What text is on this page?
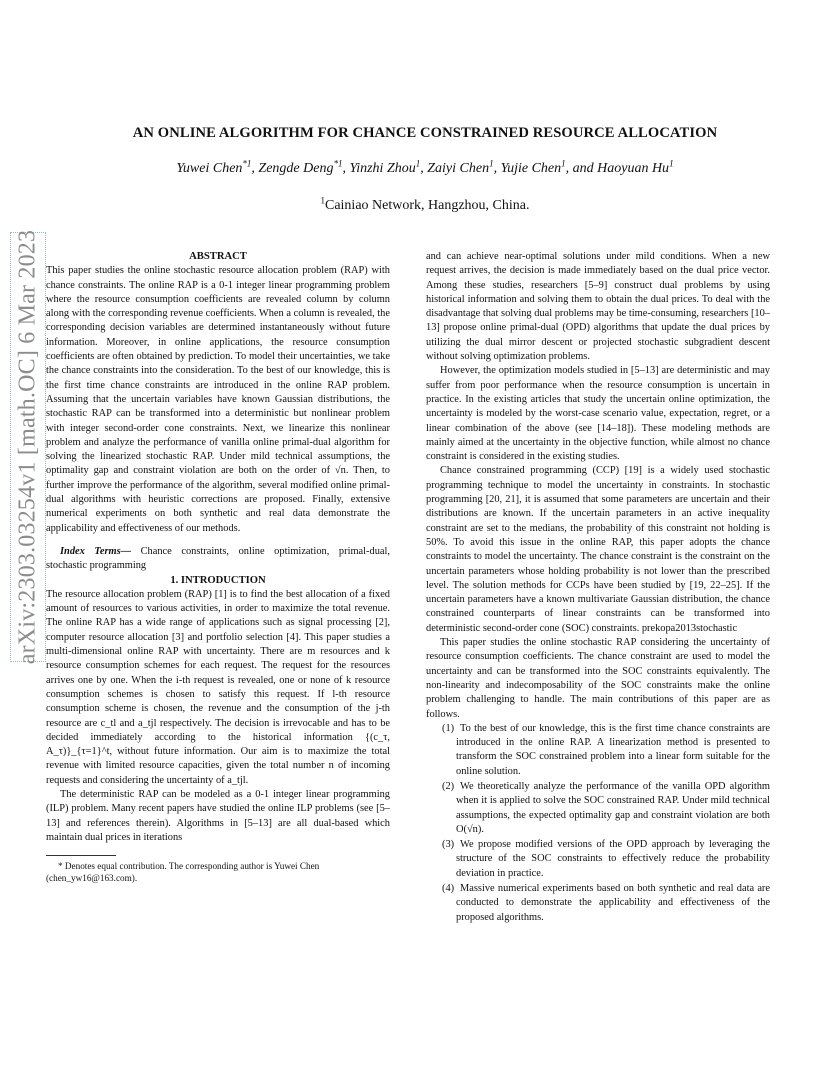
arXiv:2303.03254v1 [math.OC] 6 Mar 2023
AN ONLINE ALGORITHM FOR CHANCE CONSTRAINED RESOURCE ALLOCATION
Yuwei Chen$^{*1}$, Zengde Deng$^{*1}$, Yinzhi Zhou$^1$, Zaiyi Chen$^1$, Yujie Chen$^1$, and Haoyuan Hu$^1$
$^1$Cainiao Network, Hangzhou, China.

ABSTRACT

This paper studies the online stochastic resource allocation problem (RAP) with chance constraints. The online RAP is a 0-1 integer linear programming problem where the resource consumption coefficients are revealed column by column along with the corresponding revenue coefficients. When a column is revealed, the corresponding decision variables are determined instantaneously without future information. Moreover, in online applications, the resource consumption coefficients are often obtained by prediction. To model their uncertainties, we take the chance constraints into the consideration. To the best of our knowledge, this is the first time chance constraints are introduced in the online RAP problem. Assuming that the uncertain variables have known Gaussian distributions, the stochastic RAP can be transformed into a deterministic but nonlinear problem with integer second-order cone constraints. Next, we linearize this nonlinear problem and analyze the performance of vanilla online primal-dual algorithm for solving the linearized stochastic RAP. Under mild technical assumptions, the optimality gap and constraint violation are both on the order of √n. Then, to further improve the performance of the algorithm, several modified online primal-dual algorithms with heuristic corrections are proposed. Finally, extensive numerical experiments on both synthetic and real data demonstrate the applicability and effectiveness of our methods.

Index Terms— Chance constraints, online optimization, primal-dual, stochastic programming

1. INTRODUCTION

The resource allocation problem (RAP) [1] is to find the best allocation of a fixed amount of resources to various activities, in order to maximize the total revenue. The online RAP has a wide range of applications such as signal processing [2], computer resource allocation [3] and portfolio selection [4]. This paper studies a multi-dimensional online RAP with uncertainty. There are m resources and k resource consumption schemes for each request. The request for the resources arrives one by one. When the i-th request is revealed, one or none of k resource consumption schemes is chosen to satisfy this request. If l-th resource consumption scheme is chosen, the revenue and the consumption of the j-th resource are c_tl and a_tjl respectively. The decision is irrevocable and has to be decided immediately according to the historical information {(c_τ, A_τ)}_{τ=1}^t, without future information. Our aim is to maximize the total revenue with limited resource capacities, given the total number n of incoming requests and considering the uncertainty of a_tjl.

The deterministic RAP can be modeled as a 0-1 integer linear programming (ILP) problem. Many recent papers have studied the online ILP problems (see [5–13] and references therein). Algorithms in [5–13] are all dual-based which maintain dual prices in iterations

* Denotes equal contribution. The corresponding author is Yuwei Chen

(chen_yw16@163.com).

and can achieve near-optimal solutions under mild conditions. When a new request arrives, the decision is made immediately based on the dual price vector. Among these studies, researchers [5–9] construct dual problems by using historical information and solving them to obtain the dual prices. To deal with the disadvantage that solving dual problems may be time-consuming, researchers [10–13] propose online primal-dual (OPD) algorithms that update the dual prices by utilizing the dual mirror descent or projected stochastic subgradient descent without solving optimization problems.

However, the optimization models studied in [5–13] are deterministic and may suffer from poor performance when the resource consumption is uncertain in practice. In the existing articles that study the uncertain online optimization, the uncertainty is modeled by the worst-case scenario value, expectation, regret, or a linear combination of the above (see [14–18]). These modeling methods are mainly aimed at the uncertainty in the objective function, while almost no chance constraint is considered in the existing studies.

Chance constrained programming (CCP) [19] is a widely used stochastic programming technique to model the uncertainty in constraints. In stochastic programming [20, 21], it is assumed that some parameters are uncertain and their distributions are known. If the uncertain parameters in an active inequality constraint are set to the medians, the probability of this constraint not holding is 50%. To avoid this issue in the online RAP, this paper adopts the chance constraints to model the uncertainty. The chance constraint is the constraint on the uncertain parameters whose holding probability is not lower than the prescribed level. The solution methods for CCPs have been studied by [19, 22–25]. If the uncertain parameters have a known multivariate Gaussian distribution, the chance constrained counterparts of linear constraints can be transformed into deterministic second-order cone (SOC) constraints. prekopa2013stochastic

This paper studies the online stochastic RAP considering the uncertainty of resource consumption coefficients. The chance constraint are used to model the uncertainty and can be transformed into the SOC constraints equivalently. The non-linearity and indecomposability of the SOC constraints make the online problem challenging to handle. The main contributions of this paper are as follows.

(1) To the best of our knowledge, this is the first time chance constraints are introduced in the online RAP. A linearization method is presented to transform the SOC constrained problem into a linear form suitable for the online solution.
(2) We theoretically analyze the performance of the vanilla OPD algorithm when it is applied to solve the SOC constrained RAP. Under mild technical assumptions, the expected optimality gap and constraint violation are both O(√n).
(3) We propose modified versions of the OPD approach by leveraging the structure of the SOC constraints to effectively reduce the probability deviation in practice.
(4) Massive numerical experiments based on both synthetic and real data are conducted to demonstrate the applicability and effectiveness of the proposed algorithms.
